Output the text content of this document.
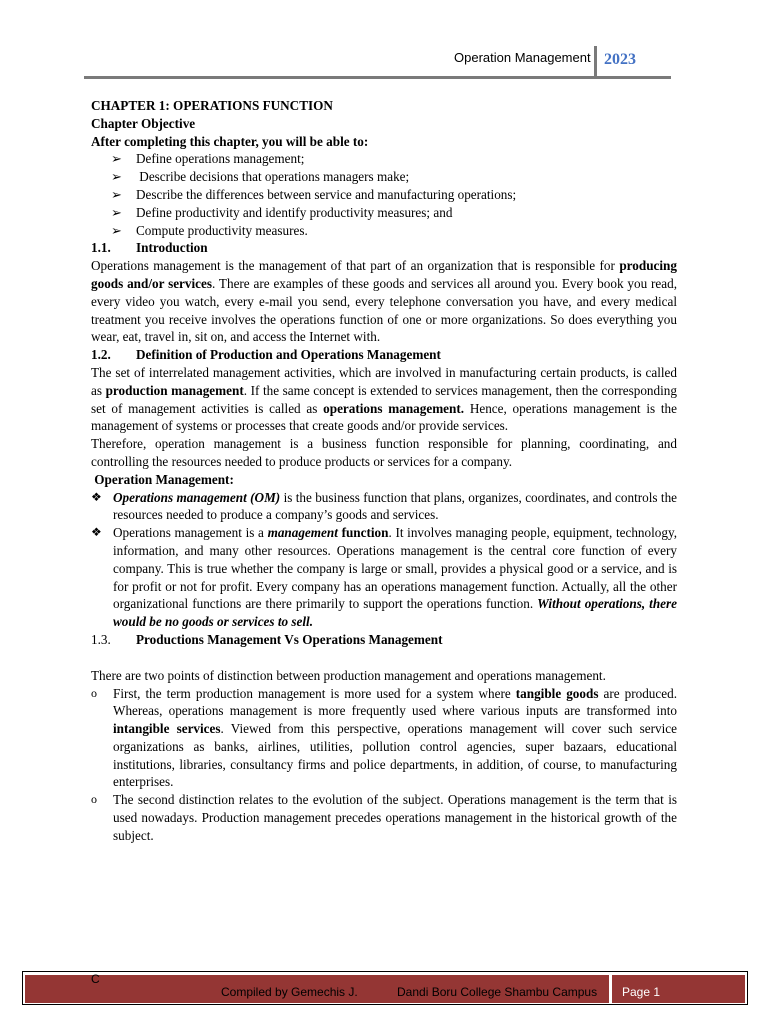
Operation Management 2023

CHAPTER 1: OPERATIONS FUNCTION

Chapter Objective

After completing this chapter, you will be able to:

➢	Define operations management;
➢	Describe decisions that operations managers make;
➢	Describe the differences between service and manufacturing operations;
➢	Define productivity and identify productivity measures; and
➢	Compute productivity measures.
1.1.	Introduction

Operations management is the management of that part of an organization that is responsible for producing goods and/or services. There are examples of these goods and services all around you. Every book you read, every video you watch, every e-mail you send, every telephone conversation you have, and every medical treatment you receive involves the operations function of one or more organizations. So does everything you wear, eat, travel in, sit on, and access the Internet with.

1.2.	Definition of Production and Operations Management

The set of interrelated management activities, which are involved in manufacturing certain products, is called as production management. If the same concept is extended to services management, then the corresponding set of management activities is called as operations management. Hence, operations management is the management of systems or processes that create goods and/or provide services.

Therefore, operation management is a business function responsible for planning, coordinating, and controlling the resources needed to produce products or services for a company.

Operation Management:

❖ Operations management (OM) is the business function that plans, organizes, coordinates, and controls the resources needed to produce a company’s goods and services.
❖ Operations management is a management function. It involves managing people, equipment, technology, information, and many other resources. Operations management is the central core function of every company. This is true whether the company is large or small, provides a physical good or a service, and is for profit or not for profit. Every company has an operations management function. Actually, all the other organizational functions are there primarily to support the operations function. Without operations, there would be no goods or services to sell.
1.3.	Productions Management Vs Operations Management

There are two points of distinction between production management and operations management.

o	First, the term production management is more used for a system where tangible goods are produced. Whereas, operations management is more frequently used where various inputs are transformed into intangible services. Viewed from this perspective, operations management will cover such service organizations as banks, airlines, utilities, pollution control agencies, super bazaars, educational institutions, libraries, consultancy firms and police departments, in addition, of course, to manufacturing enterprises.
o	The second distinction relates to the evolution of the subject. Operations management is the term that is used nowadays. Production management precedes operations management in the historical growth of the subject.
C
Compiled by Gemechis J.	Dandi Boru College Shambu Campus Page 1
